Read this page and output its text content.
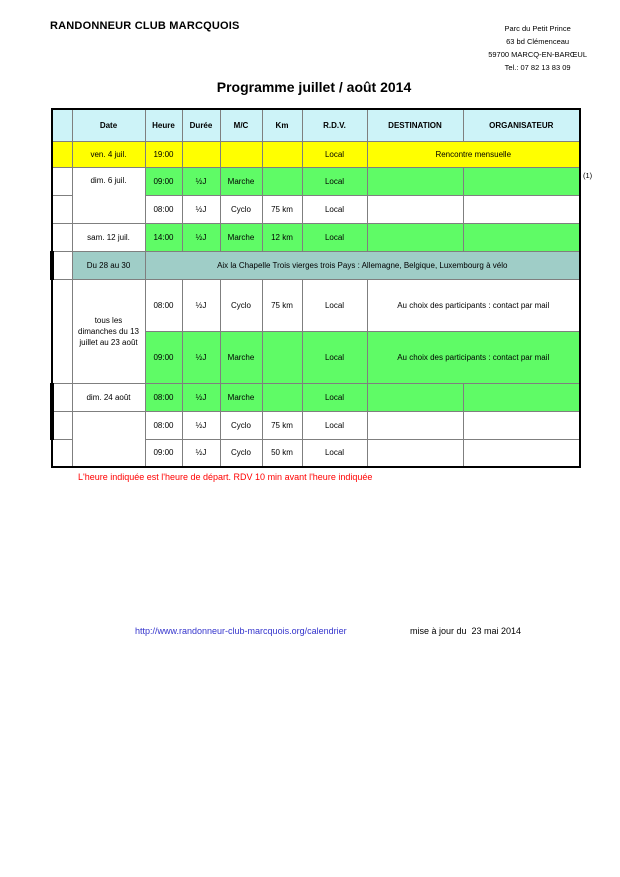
RANDONNEUR CLUB MARCQUOIS	Parc du Petit Prince
63 bd Clémenceau
59700 MARCQ-EN-BARŒUL
Tel.: 07 82 13 83 09
Programme juillet / août 2014
	Date	Heure	Durée	M/C	Km	R.D.V.	DESTINATION	ORGANISATEUR
	ven. 4 juil.	19:00				Local	Rencontre mensuelle	
	dim. 6 juil.	09:00	½J	Marche		Local		
		08:00	½J	Cyclo	75 km	Local		
	sam. 12 juil.	14:00	½J	Marche	12 km	Local		
	Du 28 au 30	Aix la Chapelle Trois vierges trois Pays : Allemagne, Belgique, Luxembourg à vélo						
	tous les dimanches du 13 juillet au 23 août	08:00	½J	Cyclo	75 km	Local	Au choix des participants : contact par mail	
		09:00	½J	Marche		Local	Au choix des participants : contact par mail	
	dim. 24 août	08:00	½J	Marche		Local		
		08:00	½J	Cyclo	75 km	Local		
		09:00	½J	Cyclo	50 km	Local		
(1)
L'heure indiquée est l'heure de départ. RDV 10 min avant l'heure indiquée
http://www.randonneur-club-marcquois.org/calendrier	mise à jour du  23 mai 2014
